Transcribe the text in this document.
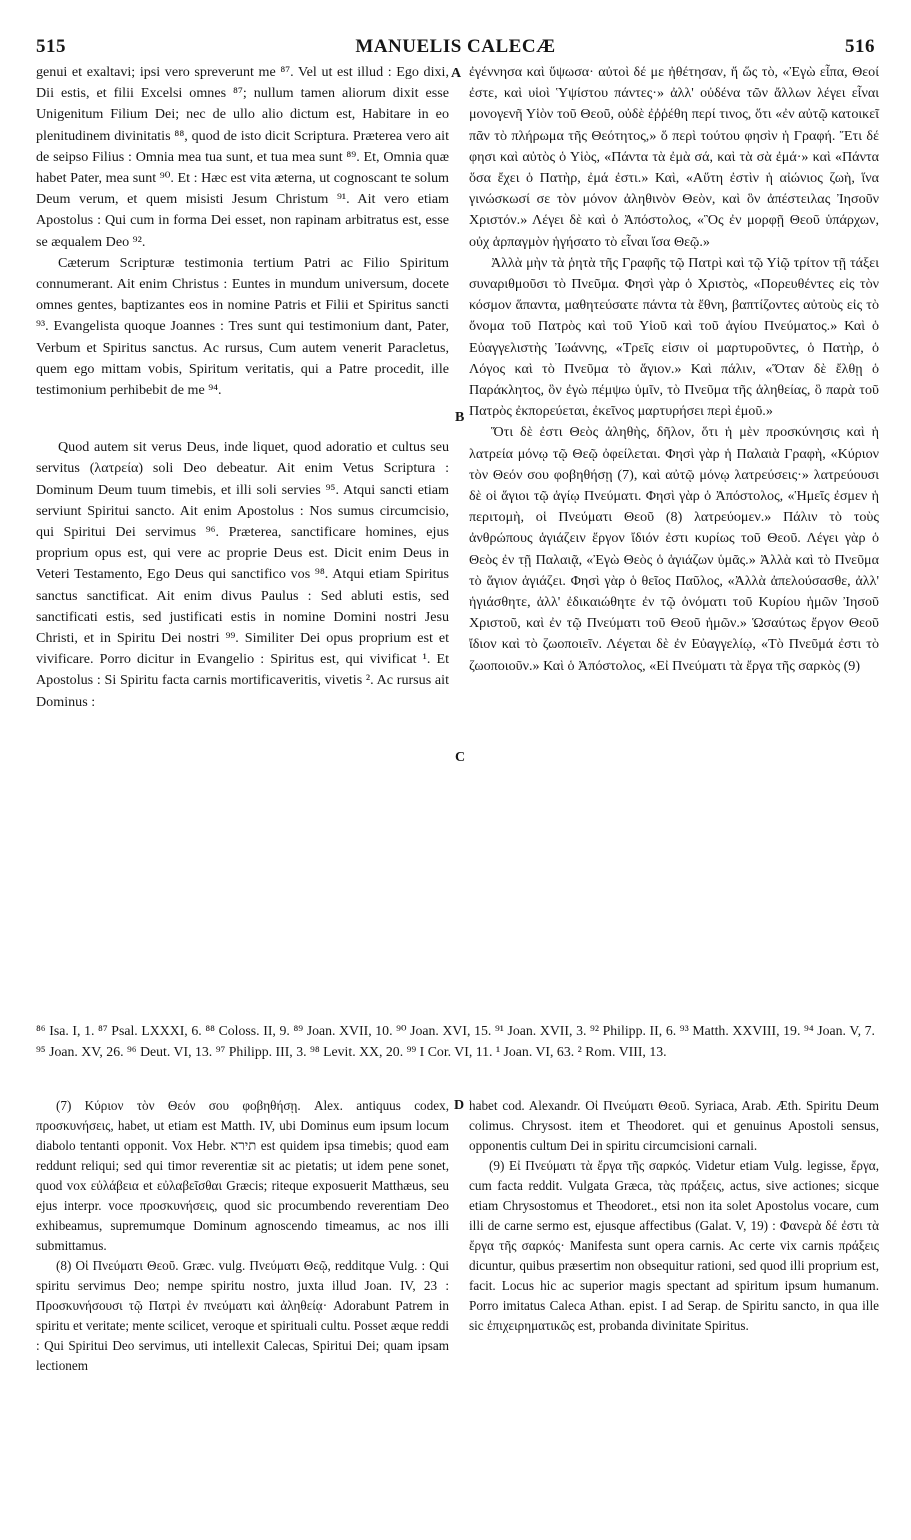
515	MANUELIS CALECÆ	516

genui et exaltavi; ipsi vero spreverunt me ⁸⁷. Vel ut est illud : Ego dixi, Dii estis, et filii Excelsi omnes ⁸⁷; nullum tamen aliorum dixit esse Unigenitum Filium Dei; nec de ullo alio dictum est, Habitare in eo plenitudinem divinitatis ⁸⁸, quod de isto dicit Scriptura. Præterea vero ait de seipso Filius : Omnia mea tua sunt, et tua mea sunt ⁸⁹. Et, Omnia quæ habet Pater, mea sunt ⁹⁰. Et : Hæc est vita æterna, ut cognoscant te solum Deum verum, et quem misisti Jesum Christum ⁹¹. Ait vero etiam Apostolus : Qui cum in forma Dei esset, non rapinam arbitratus est, esse se æqualem Deo ⁹².

Cæterum Scripturæ testimonia tertium Patri ac Filio Spiritum connumerant. Ait enim Christus : Euntes in mundum universum, docete omnes gentes, baptizantes eos in nomine Patris et Filii et Spiritus sancti ⁹³. Evangelista quoque Joannes : Tres sunt qui testimonium dant, Pater, Verbum et Spiritus sanctus. Ac rursus, Cum autem venerit Paracletus, quem ego mittam vobis, Spiritum veritatis, qui a Patre procedit, ille testimonium perhibebit de me ⁹⁴.

Quod autem sit verus Deus, inde liquet, quod adoratio et cultus seu servitus (λατρεία) soli Deo debeatur. Ait enim Vetus Scriptura : Dominum Deum tuum timebis, et illi soli servies ⁹⁵. Atqui sancti etiam serviunt Spiritui sancto. Ait enim Apostolus : Nos sumus circumcisio, qui Spiritui Dei servimus ⁹⁶. Præterea, sanctificare homines, ejus proprium opus est, qui vere ac proprie Deus est. Dicit enim Deus in Veteri Testamento, Ego Deus qui sanctifico vos ⁹⁸. Atqui etiam Spiritus sanctus sanctificat. Ait enim divus Paulus : Sed abluti estis, sed sanctificati estis, sed justificati estis in nomine Domini nostri Jesu Christi, et in Spiritu Dei nostri ⁹⁹. Similiter Dei opus proprium est et vivificare. Porro dicitur in Evangelio : Spiritus est, qui vivificat ¹. Et Apostolus : Si Spiritu facta carnis mortificaveritis, vivetis ². Ac rursus ait Dominus :

ἐγέννησα καὶ ὕψωσα· αὐτοὶ δέ με ἠθέτησαν, ἤ ὥς τὸ, «Ἐγὼ εἶπα, Θεοί ἐστε, καὶ υἱοὶ Ὑψίστου πάντες·» ἀλλ' οὐδένα τῶν ἄλλων λέγει εἶναι μονογενῆ Υἱὸν τοῦ Θεοῦ, οὐδὲ ἐῤῥέθη περί τινος, ὅτι «ἐν αὐτῷ κατοικεῖ πᾶν τὸ πλήρωμα τῆς Θεότητος,» ὅ περὶ τούτου φησὶν ἡ Γραφή. Ἔτι δέ φησι καὶ αὐτὸς ὁ Υἱὸς, «Πάντα τὰ ἐμὰ σά, καὶ τὰ σὰ ἐμά·» καὶ «Πάντα ὅσα ἔχει ὁ Πατὴρ, ἐμά ἐστι.» Καὶ, «Αὕτη ἐστὶν ἡ αἰώνιος ζωὴ, ἵνα γινώσκωσί σε τὸν μόνον ἀληθινὸν Θεὸν, καὶ ὃν ἀπέστειλας Ἰησοῦν Χριστόν.» Λέγει δὲ καὶ ὁ Ἀπόστολος, «Ὃς ἐν μορφῇ Θεοῦ ὑπάρχων, οὐχ ἁρπαγμὸν ἡγήσατο τὸ εἶναι ἴσα Θεῷ.»

Ἀλλὰ μὴν τὰ ῥητὰ τῆς Γραφῆς τῷ Πατρὶ καὶ τῷ Υἱῷ τρίτον τῇ τάξει συναριθμοῦσι τὸ Πνεῦμα. Φησὶ γὰρ ὁ Χριστὸς, «Πορευθέντες εἰς τὸν κόσμον ἅπαντα, μαθητεύσατε πάντα τὰ ἔθνη, βαπτίζοντες αὐτοὺς εἰς τὸ ὄνομα τοῦ Πατρὸς καὶ τοῦ Υἱοῦ καὶ τοῦ ἁγίου Πνεύματος.» Καὶ ὁ Εὐαγγελιστὴς Ἰωάννης, «Τρεῖς εἰσιν οἱ μαρτυροῦντες, ὁ Πατὴρ, ὁ Λόγος καὶ τὸ Πνεῦμα τὸ ἅγιον.» Καὶ πάλιν, «Ὅταν δὲ ἔλθῃ ὁ Παράκλητος, ὃν ἐγὼ πέμψω ὑμῖν, τὸ Πνεῦμα τῆς ἀληθείας, ὃ παρὰ τοῦ Πατρὸς ἐκπορεύεται, ἐκεῖνος μαρτυρήσει περὶ ἐμοῦ.»

Ὅτι δὲ ἐστι Θεὸς ἀληθὴς, δῆλον, ὅτι ἡ μὲν προσκύνησις καὶ ἡ λατρεία μόνῳ τῷ Θεῷ ὀφείλεται. Φησὶ γὰρ ἡ Παλαιὰ Γραφὴ, «Κύριον τὸν Θεόν σου φοβηθήσῃ (7), καὶ αὐτῷ μόνῳ λατρεύσεις·» λατρεύουσι δὲ οἱ ἅγιοι τῷ ἁγίῳ Πνεύματι. Φησὶ γὰρ ὁ Ἀπόστολος, «Ἡμεῖς ἐσμεν ἡ περιτομὴ, οἱ Πνεύματι Θεοῦ (8) λατρεύομεν.» Πάλιν τὸ τοὺς ἀνθρώπους ἁγιάζειν ἔργον ἴδιόν ἐστι κυρίως τοῦ Θεοῦ. Λέγει γὰρ ὁ Θεὸς ἐν τῇ Παλαιᾷ, «Ἐγὼ Θεὸς ὁ ἁγιάζων ὑμᾶς.» Ἀλλὰ καὶ τὸ Πνεῦμα τὸ ἅγιον ἁγιάζει. Φησὶ γὰρ ὁ θεῖος Παῦλος, «Ἀλλὰ ἀπελούσασθε, ἀλλ' ἡγιάσθητε, ἀλλ' ἐδικαιώθητε ἐν τῷ ὀνόματι τοῦ Κυρίου ἡμῶν Ἰησοῦ Χριστοῦ, καὶ ἐν τῷ Πνεύματι τοῦ Θεοῦ ἡμῶν.» Ὡσαύτως ἔργον Θεοῦ ἴδιον καὶ τὸ ζωοποιεῖν. Λέγεται δὲ ἐν Εὐαγγελίῳ, «Τὸ Πνεῦμά ἐστι τὸ ζωοποιοῦν.» Καὶ ὁ Ἀπόστολος, «Εἰ Πνεύματι τὰ ἔργα τῆς σαρκὸς (9)

A
B
C
D
⁸⁶ Isa. I, 1. ⁸⁷ Psal. LXXXI, 6. ⁸⁸ Coloss. II, 9. ⁸⁹ Joan. XVII, 10. ⁹⁰ Joan. XVI, 15. ⁹¹ Joan. XVII, 3. ⁹² Philipp. II, 6. ⁹³ Matth. XXVIII, 19. ⁹⁴ Joan. V, 7. ⁹⁵ Joan. XV, 26. ⁹⁶ Deut. VI, 13. ⁹⁷ Philipp. III, 3. ⁹⁸ Levit. XX, 20. ⁹⁹ I Cor. VI, 11. ¹ Joan. VI, 63. ² Rom. VIII, 13.

(7) Κύριον τὸν Θεόν σου φοβηθήσῃ. Alex. antiquus codex, προσκυνήσεις, habet, ut etiam est Matth. IV, ubi Dominus eum ipsum locum diabolo tentanti opponit. Vox Hebr. תירא est quidem ipsa timebis; quod eam reddunt reliqui; sed qui timor reverentiæ sit ac pietatis; ut idem pene sonet, quod vox εὐλάβεια et εὐλαβεῖσθαι Græcis; riteque exposuerit Matthæus, seu ejus interpr. voce προσκυνήσεις, quod sic procumbendo reverentiam Deo exhibeamus, supremumque Dominum agnoscendo timeamus, ac nos illi submittamus.

(8) Οἱ Πνεύματι Θεοῦ. Græc. vulg. Πνεύματι Θεῷ, redditque Vulg. : Qui spiritu servimus Deo; nempe spiritu nostro, juxta illud Joan. IV, 23 : Προσκυνήσουσι τῷ Πατρὶ ἐν πνεύματι καὶ ἀληθείᾳ· Adorabunt Patrem in spiritu et veritate; mente scilicet, veroque et spirituali cultu. Posset æque reddi : Qui Spiritui Deo servimus, uti intellexit Calecas, Spiritui Dei; quam ipsam lectionem

habet cod. Alexandr. Οἱ Πνεύματι Θεοῦ. Syriaca, Arab. Æth. Spiritu Deum colimus. Chrysost. item et Theodoret. qui et genuinus Apostoli sensus, opponentis cultum Dei in spiritu circumcisioni carnali.

(9) Εἰ Πνεύματι τὰ ἔργα τῆς σαρκός. Videtur etiam Vulg. legisse, ἔργα, cum facta reddit. Vulgata Græca, τὰς πράξεις, actus, sive actiones; sicque etiam Chrysostomus et Theodoret., etsi non ita solet Apostolus vocare, cum illi de carne sermo est, ejusque affectibus (Galat. V, 19) : Φανερὰ δέ ἐστι τὰ ἔργα τῆς σαρκός· Manifesta sunt opera carnis. Ac certe vix carnis πράξεις dicuntur, quibus præsertim non obsequitur rationi, sed quod illi proprium est, facit. Locus hic ac superior magis spectant ad spiritum ipsum humanum. Porro imitatus Caleca Athan. epist. I ad Serap. de Spiritu sancto, in qua ille sic ἐπιχειρηματικῶς est, probanda divinitate Spiritus.
